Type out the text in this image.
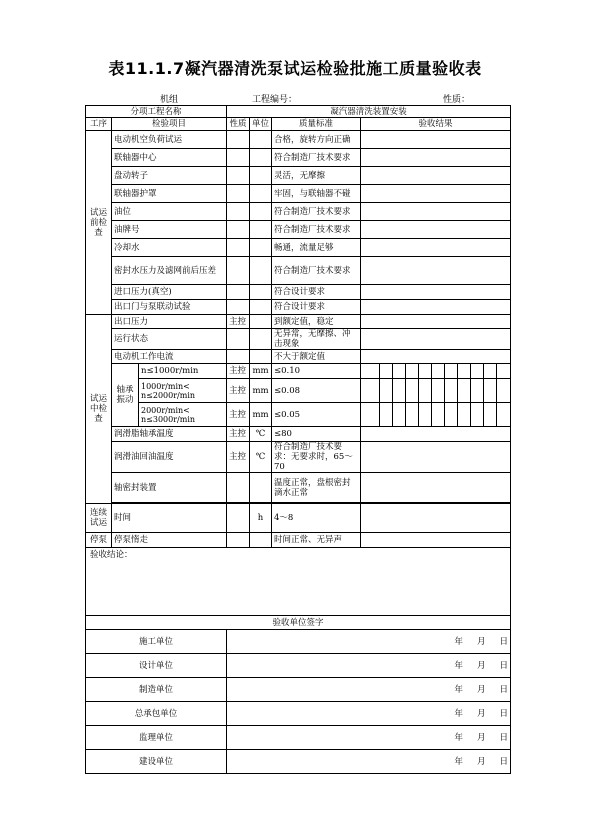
表11.1.7凝汽器清洗泵试运检验批施工质量验收表
机组	工程编号：	性质：
分项工程名称			凝汽器清洗装置安装													
工序	检验项目		性质	单位	质量标准	验收结果										
试运前检查	电动机空负荷试运				合格，旋转方向正确											
	联轴器中心				符合制造厂技术要求											
	盘动转子				灵活，无摩擦											
	联轴器护罩				牢固，与联轴器不碰											
	油位				符合制造厂技术要求											
	油牌号				符合制造厂技术要求											
	冷却水				畅通，流量足够											
	密封水压力及滤网前后压差				符合制造厂技术要求											
	进口压力(真空)				符合设计要求											
	出口门与泵联动试验				符合设计要求											
试运中检查	出口压力		主控		到额定值，稳定											
	运行状态				无异常，无摩擦、冲击现象											
	电动机工作电流				不大于额定值											
	轴承振动	n≤1000r/min	主控	mm	≤0.10											
		1000r/min< n≤2000r/min	主控	mm	≤0.08											
		2000r/min< n≤3000r/min	主控	mm	≤0.05											
	润滑脂轴承温度		主控	℃	≤80											
	润滑油回油温度		主控	℃	符合制造厂技术要求：无要求时，65～70											
	轴密封装置				温度正常，盘根密封滴水正常											

连续试运	时间			h	4～8											
停泵	停泵惰走				时间正常、无异声											
验收结论：																
验收单位签字																
施工单位			年 月 日													

设计单位			年 月 日													

制造单位			年 月 日													

总承包单位			年 月 日													

监理单位			年 月 日													

建设单位			年 月 日													
